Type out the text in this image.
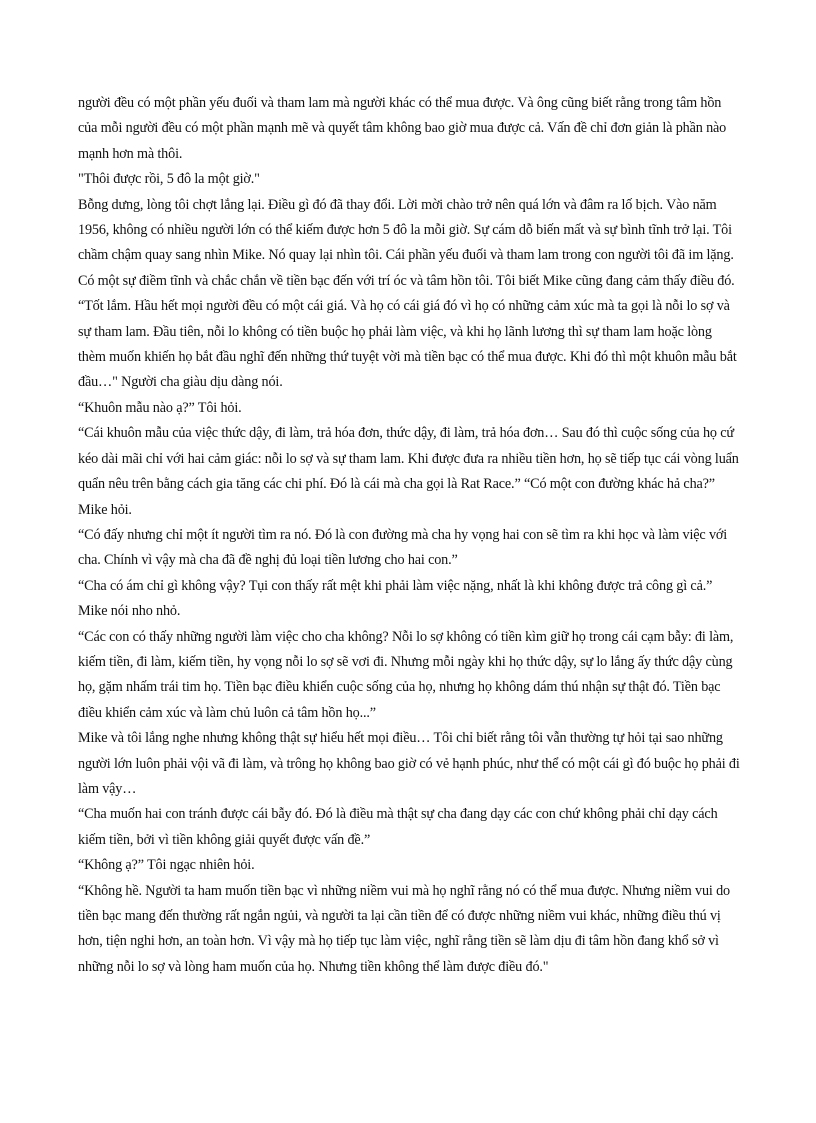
người đều có một phần yếu đuối và tham lam mà người khác có thể mua được. Và ông cũng biết rằng trong tâm hồn của mỗi người đều có một phần mạnh mẽ và quyết tâm không bao giờ mua được cả. Vấn đề chỉ đơn giản là phần nào mạnh hơn mà thôi.

"Thôi được rồi, 5 đô la một giờ."

Bỗng dưng, lòng tôi chợt lắng lại. Điều gì đó đã thay đổi. Lời mời chào trở nên quá lớn và đâm ra lố bịch. Vào năm 1956, không có nhiều người lớn có thể kiếm được hơn 5 đô la mỗi giờ. Sự cám dỗ biến mất và sự bình tĩnh trở lại. Tôi chầm chậm quay sang nhìn Mike. Nó quay lại nhìn tôi. Cái phần yếu đuối và tham lam trong con người tôi đã im lặng. Có một sự điềm tĩnh và chắc chắn về tiền bạc đến với trí óc và tâm hồn tôi. Tôi biết Mike cũng đang cảm thấy điều đó.

“Tốt lắm. Hầu hết mọi người đều có một cái giá. Và họ có cái giá đó vì họ có những cảm xúc mà ta gọi là nỗi lo sợ và sự tham lam. Đầu tiên, nỗi lo không có tiền buộc họ phải làm việc, và khi họ lãnh lương thì sự tham lam hoặc lòng thèm muốn khiến họ bắt đầu nghĩ đến những thứ tuyệt vời mà tiền bạc có thể mua được. Khi đó thì một khuôn mẫu bắt đầu…" Người cha giàu dịu dàng nói.

“Khuôn mẫu nào ạ?” Tôi hỏi.

“Cái khuôn mẫu của việc thức dậy, đi làm, trả hóa đơn, thức dậy, đi làm, trả hóa đơn… Sau đó thì cuộc sống của họ cứ kéo dài mãi chỉ với hai cảm giác: nỗi lo sợ và sự tham lam. Khi được đưa ra nhiều tiền hơn, họ sẽ tiếp tục cái vòng luẩn quẩn nêu trên bằng cách gia tăng các chi phí. Đó là cái mà cha gọi là Rat Race.” “Có một con đường khác hả cha?” Mike hỏi.

“Có đấy nhưng chỉ một ít người tìm ra nó. Đó là con đường mà cha hy vọng hai con sẽ tìm ra khi học và làm việc với cha. Chính vì vậy mà cha đã đề nghị đủ loại tiền lương cho hai con.”

“Cha có ám chỉ gì không vậy? Tụi con thấy rất mệt khi phải làm việc nặng, nhất là khi không được trả công gì cả.” Mike nói nho nhỏ.

“Các con có thấy những người làm việc cho cha không? Nỗi lo sợ không có tiền kìm giữ họ trong cái cạm bẫy: đi làm, kiếm tiền, đi làm, kiếm tiền, hy vọng nỗi lo sợ sẽ vơi đi. Nhưng mỗi ngày khi họ thức dậy, sự lo lắng ấy thức dậy cùng họ, gặm nhấm trái tim họ. Tiền bạc điều khiển cuộc sống của họ, nhưng họ không dám thú nhận sự thật đó. Tiền bạc điều khiển cảm xúc và làm chủ luôn cả tâm hồn họ...”

Mike và tôi lắng nghe nhưng không thật sự hiểu hết mọi điều… Tôi chỉ biết rằng tôi vẫn thường tự hỏi tại sao những người lớn luôn phải vội vã đi làm, và trông họ không bao giờ có vẻ hạnh phúc, như thể có một cái gì đó buộc họ phải đi làm vậy…

“Cha muốn hai con tránh được cái bẫy đó. Đó là điều mà thật sự cha đang dạy các con chứ không phải chỉ dạy cách kiếm tiền, bởi vì tiền không giải quyết được vấn đề.”

“Không ạ?” Tôi ngạc nhiên hỏi.

“Không hề. Người ta ham muốn tiền bạc vì những niềm vui mà họ nghĩ rằng nó có thể mua được. Nhưng niềm vui do tiền bạc mang đến thường rất ngắn ngủi, và người ta lại cần tiền để có được những niềm vui khác, những điều thú vị hơn, tiện nghi hơn, an toàn hơn. Vì vậy mà họ tiếp tục làm việc, nghĩ rằng tiền sẽ làm dịu đi tâm hồn đang khổ sở vì những nỗi lo sợ và lòng ham muốn của họ. Nhưng tiền không thể làm được điều đó."
